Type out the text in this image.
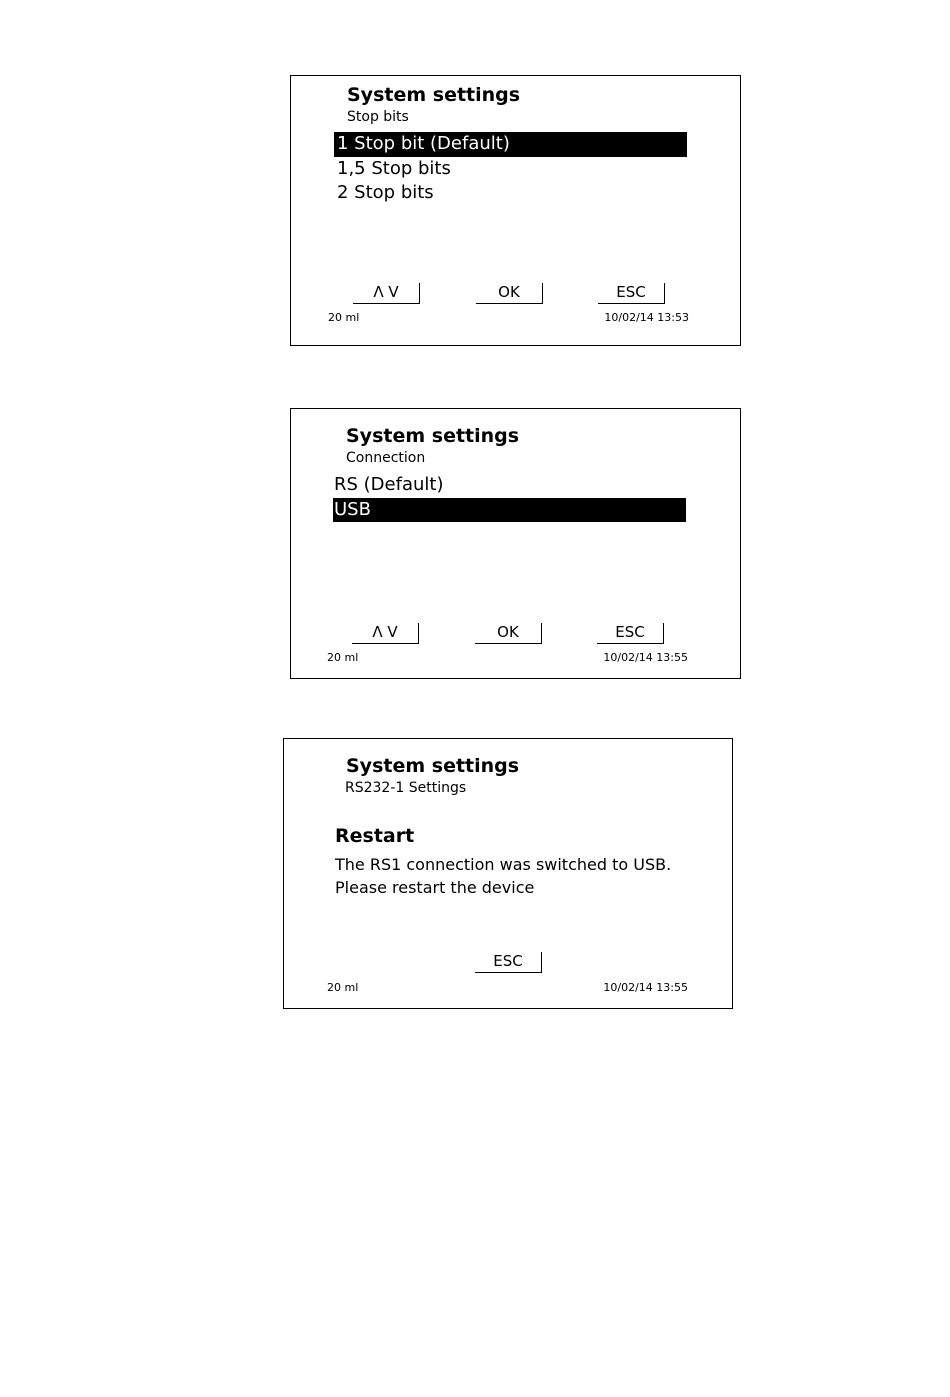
System settings
Stop bits
1 Stop bit (Default)
1,5 Stop bits
2 Stop bits
Λ V	OK	ESC
20 ml	10/02/14 13:53
System settings
Connection
RS (Default)
USB
Λ V	OK	ESC
20 ml	10/02/14 13:55
System settings
RS232-1 Settings
Restart
The RS1 connection was switched to USB.
Please restart the device
ESC
20 ml	10/02/14 13:55
